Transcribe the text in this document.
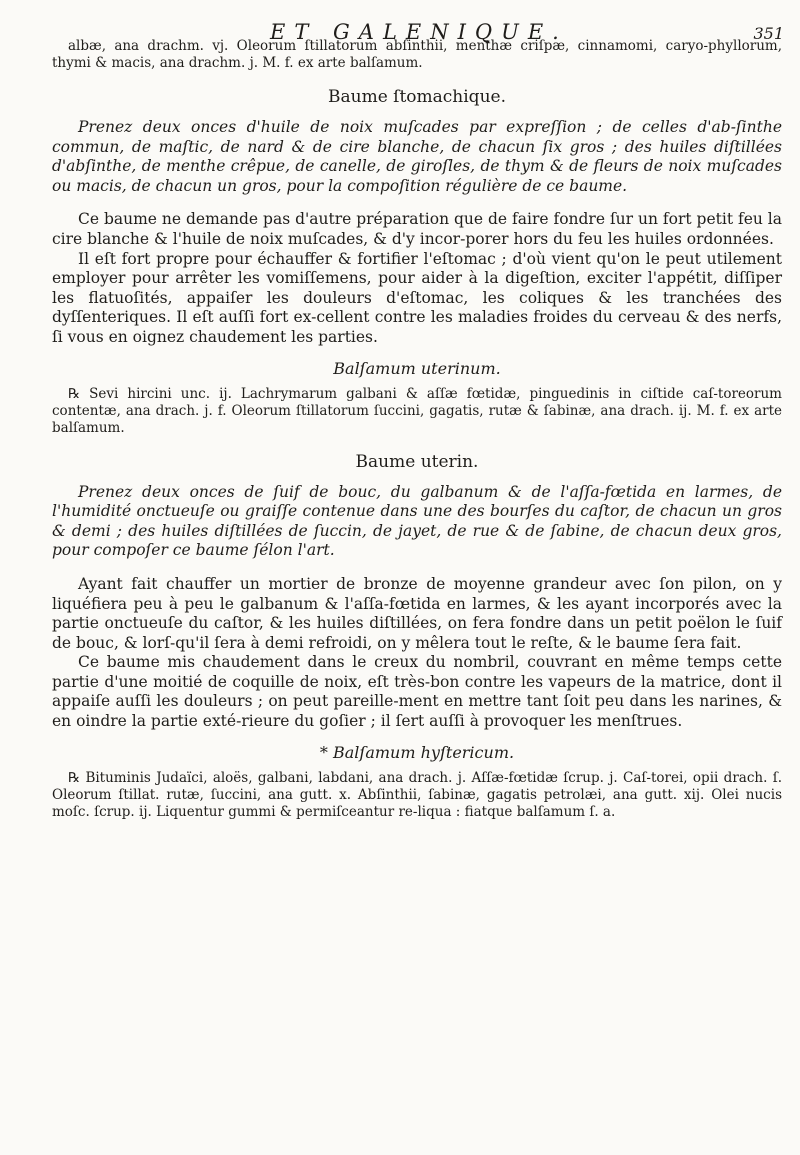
ET GALENIQUE.	351

albæ, ana drachm. vj. Oleorum ſtillatorum abſinthii, menthæ criſpæ, cinnamomi, caryo-phyllorum, thymi & macis, ana drachm. j. M. f. ex arte balſamum.

Baume ſtomachique.

Prenez deux onces d'huile de noix muſcades par expreſſion ; de celles d'ab-ſinthe commun, de maſtic, de nard & de cire blanche, de chacun ſix gros ; des huiles diſtillées d'abſinthe, de menthe crêpue, de canelle, de giroſles, de thym & de fleurs de noix muſcades ou macis, de chacun un gros, pour la compoſition régulière de ce baume.

Ce baume ne demande pas d'autre préparation que de faire fondre ſur un fort petit feu la cire blanche & l'huile de noix muſcades, & d'y incor-porer hors du feu les huiles ordonnées.

Il eſt fort propre pour échauffer & fortifier l'eſtomac ; d'où vient qu'on le peut utilement employer pour arrêter les vomiſſemens, pour aider à la digeſtion, exciter l'appétit, diſſiper les flatuoſités, appaiſer les douleurs d'eſtomac, les coliques & les tranchées des dyſſenteriques. Il eſt auſſi fort ex-cellent contre les maladies froides du cerveau & des nerfs, ſi vous en oignez chaudement les parties.

Balſamum uterinum.

℞ Sevi hircini unc. ij. Lachrymarum galbani & aſſæ fœtidæ, pinguedinis in ciſtide caſ-toreorum contentæ, ana drach. j. f. Oleorum ſtillatorum ſuccini, gagatis, rutæ & ſabinæ, ana drach. ij. M. f. ex arte balſamum.

Baume uterin.

Prenez deux onces de ſuif de bouc, du galbanum & de l'aſſa-fœtida en larmes, de l'humidité onctueuſe ou graiſſe contenue dans une des bourſes du caſtor, de chacun un gros & demi ; des huiles diſtillées de ſuccin, de jayet, de rue & de ſabine, de chacun deux gros, pour compoſer ce baume ſélon l'art.

Ayant fait chauffer un mortier de bronze de moyenne grandeur avec ſon pilon, on y liquéfiera peu à peu le galbanum & l'aſſa-fœtida en larmes, & les ayant incorporés avec la partie onctueuſe du caſtor, & les huiles diſtillées, on fera fondre dans un petit poëlon le ſuif de bouc, & lorſ-qu'il ſera à demi refroidi, on y mêlera tout le reſte, & le baume ſera fait.

Ce baume mis chaudement dans le creux du nombril, couvrant en même temps cette partie d'une moitié de coquille de noix, eſt très-bon contre les vapeurs de la matrice, dont il appaiſe auſſi les douleurs ; on peut pareille-ment en mettre tant ſoit peu dans les narines, & en oindre la partie exté-rieure du goſier ; il ſert auſſi à provoquer les menſtrues.

* Balſamum hyſtericum.

℞ Bituminis Judaïci, aloës, galbani, labdani, ana drach. j. Aſſæ-fœtidæ ſcrup. j. Caſ-torei, opii drach. ſ. Oleorum ſtillat. rutæ, ſuccini, ana gutt. x. Abſinthii, ſabinæ, gagatis petrolæi, ana gutt. xij. Olei nucis moſc. ſcrup. ij. Liquentur gummi & permiſceantur re-liqua : fiatque balſamum ſ. a.
